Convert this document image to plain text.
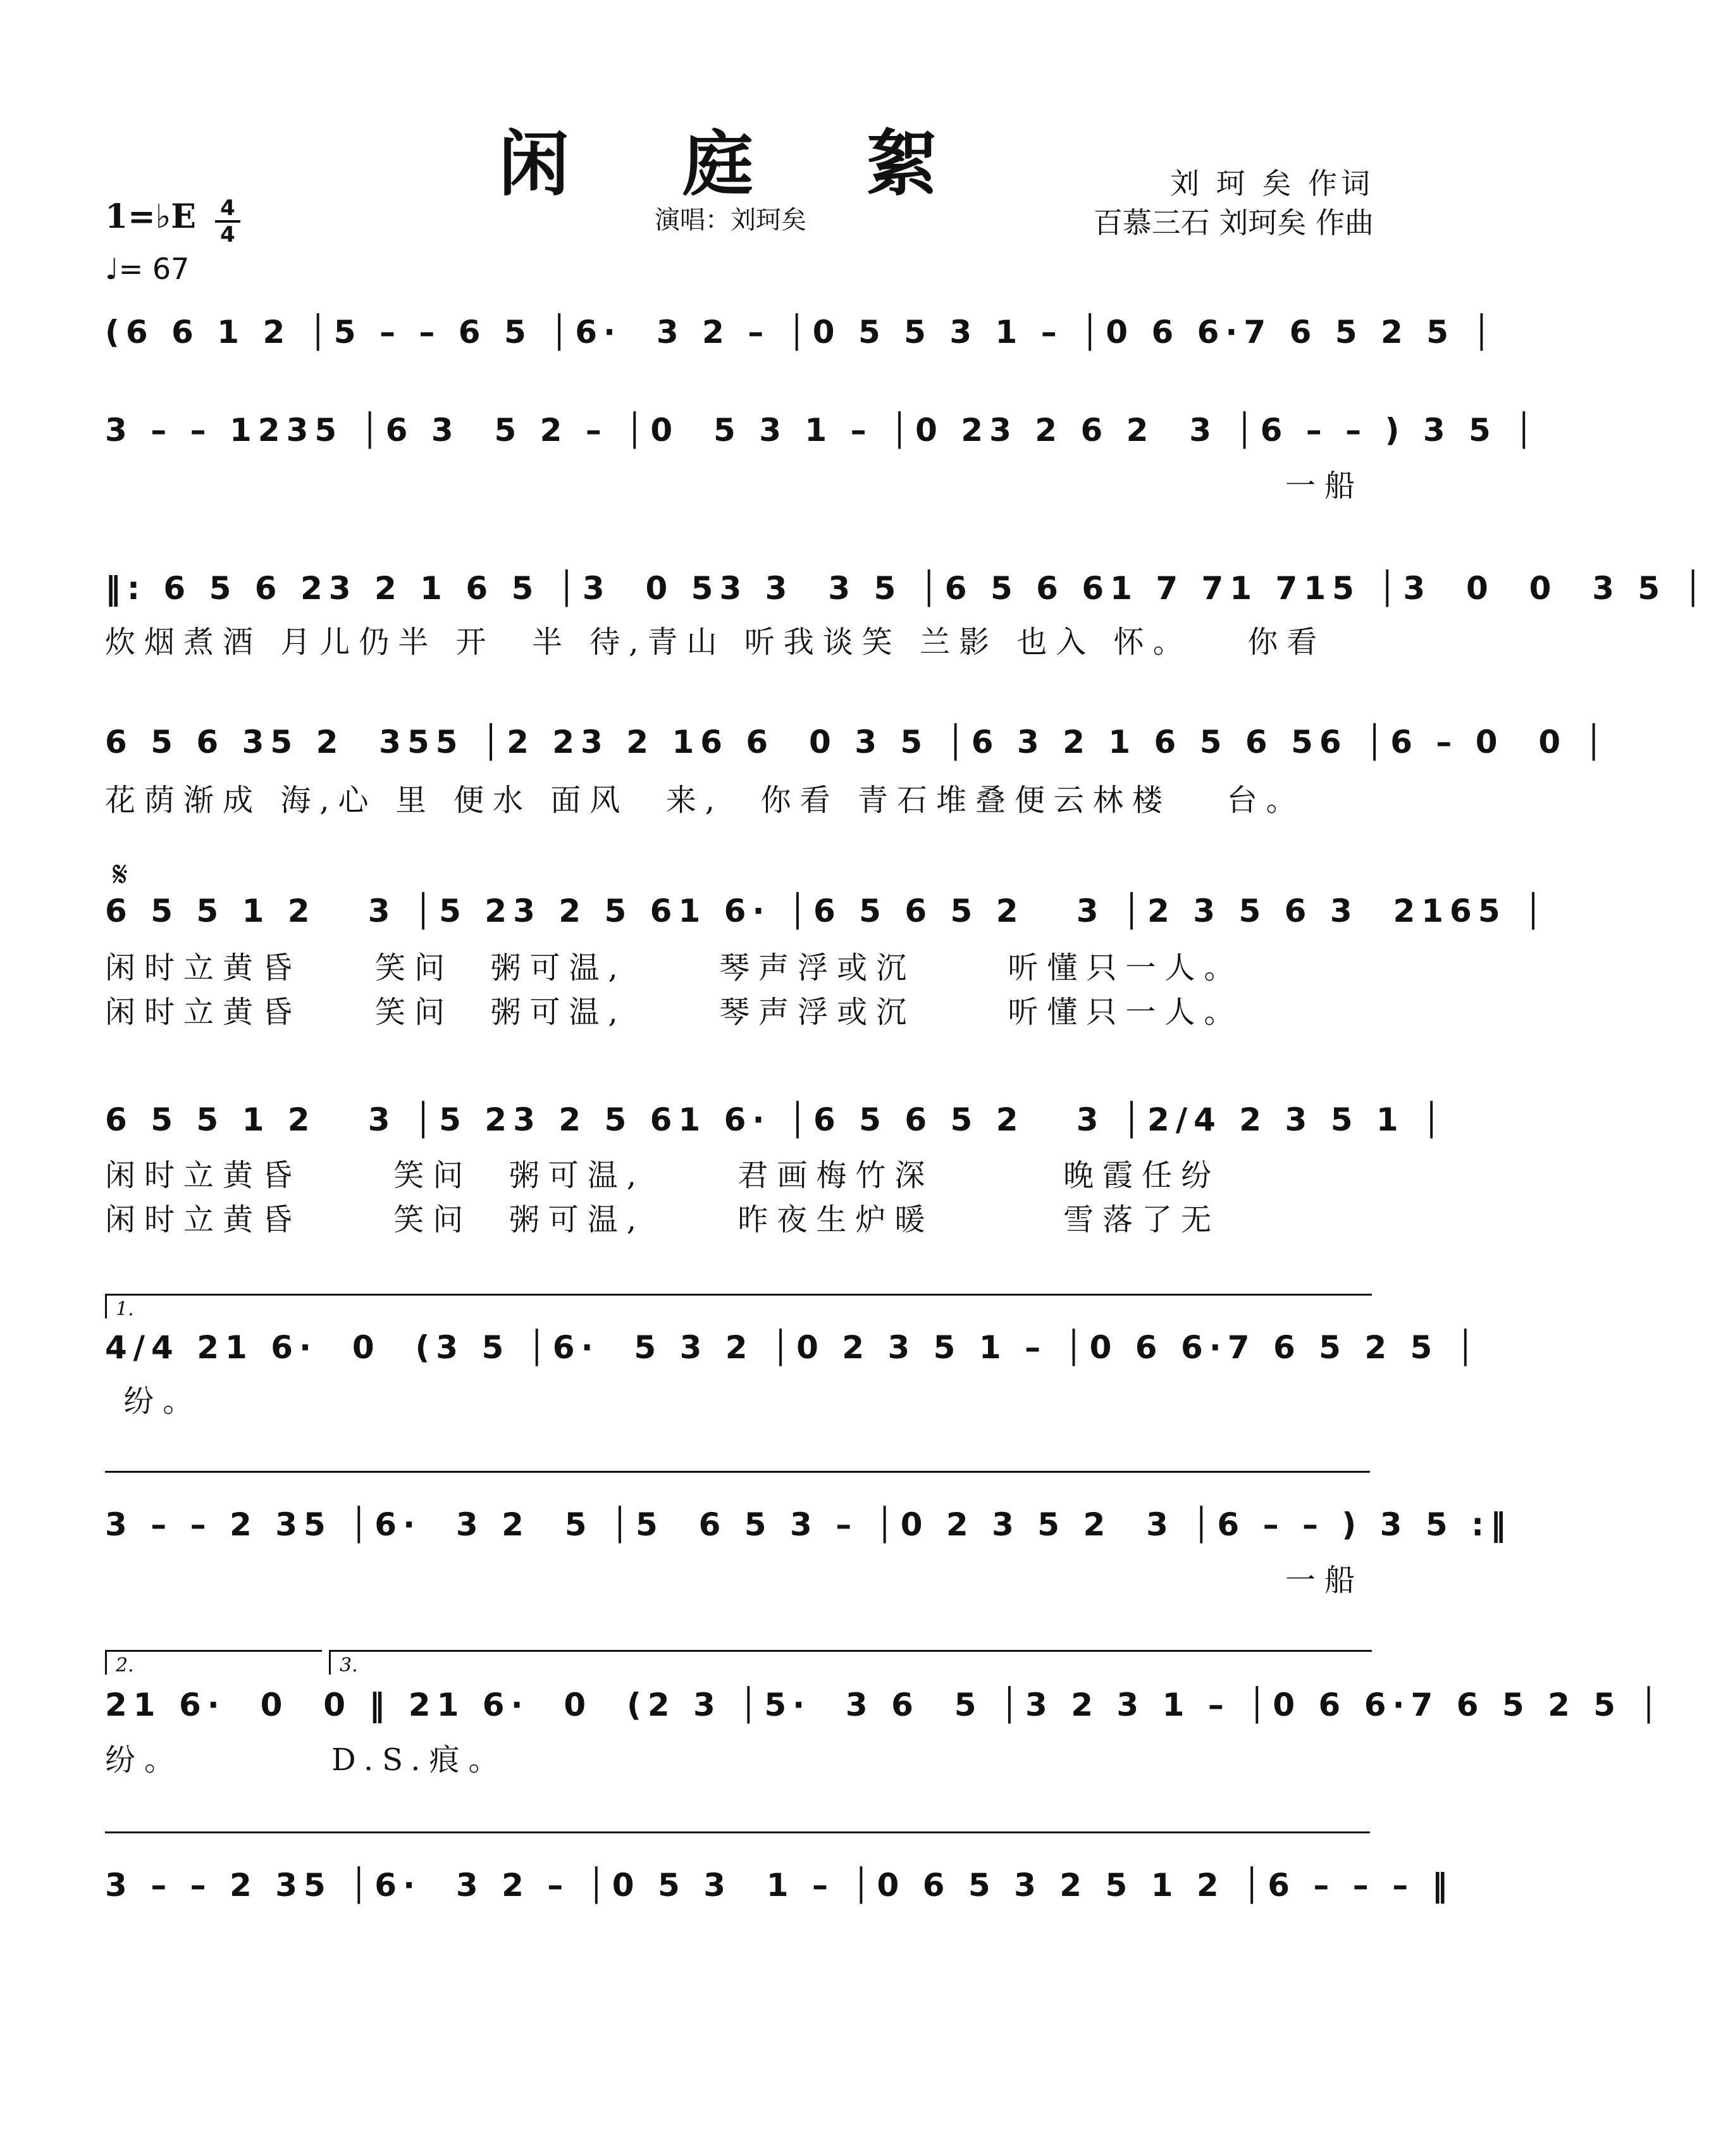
闲 庭 絮
演唱：刘珂矣
刘 珂 矣 作词
百慕三石 刘珂矣 作曲
1=♭E 4
4
♩= 67
(6 6 1 2 │5 – – 6 5 │6·  3 2 – │0 5 5 3 1 – │0 6 6·7 6 5 2 5 │
3 – – 1235 │6 3  5 2 – │0  5 3 1 – │0 23 2 6 2  3 │6 – – ) 3 5 │
一船
‖: 6 5 6 23 2 1 6 5 │3  0 53 3  3 5 │6 5 6 61 7 71 715 │3  0  0  3 5 │
炊烟煮酒 月儿仍半 开  半 待,青山 听我谈笑 兰影 也入 怀。   你看
6 5 6 35 2  355 │2 23 2 16 6  0 3 5 │6 3 2 1 6 5 6 56 │6 – 0  0 │
花荫渐成 海,心 里 便水 面风  来,  你看 青石堆叠便云林楼   台。
𝄋
6 5 5 1 2   3 │5 23 2 5 61 6· │6 5 6 5 2   3 │2 3 5 6 3  2165 │
闲时立黄昏    笑问  粥可温,     琴声浮或沉     听懂只一人。
闲时立黄昏    笑问  粥可温,     琴声浮或沉     听懂只一人。
6 5 5 1 2   3 │5 23 2 5 61 6· │6 5 6 5 2   3 │2/4 2 3 5 1 │
闲时立黄昏     笑问  粥可温,     君画梅竹深       晚霞任纷
闲时立黄昏     笑问  粥可温,     昨夜生炉暖       雪落了无
1.
4/4 21 6·  0  (3 5 │6·  5 3 2 │0 2 3 5 1 – │0 6 6·7 6 5 2 5 │
纷。
3 – – 2 35 │6·  3 2  5 │5  6 5 3 – │0 2 3 5 2  3 │6 – – ) 3 5 :‖
一船
2.	3.
21 6·  0  0 ‖ 21 6·  0  (2 3 │5·  3 6  5 │3 2 3 1 – │0 6 6·7 6 5 2 5 │
纷。        D.S.痕。
3 – – 2 35 │6·  3 2 – │0 5 3  1 – │0 6 5 3 2 5 1 2 │6 – – – ‖
